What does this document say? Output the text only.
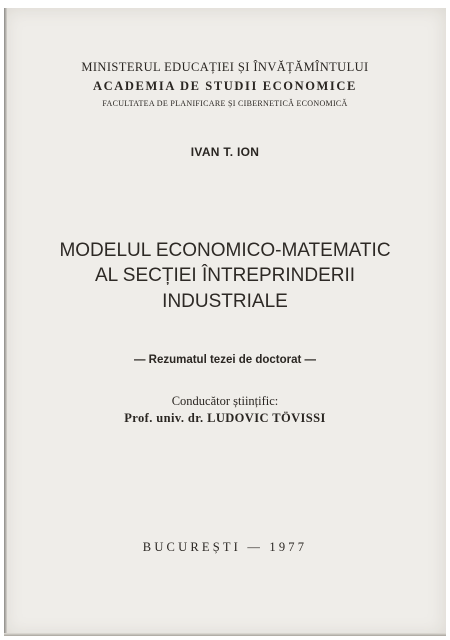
MINISTERUL EDUCAȚIEI ȘI ÎNVĂȚĂMÎNTULUI

ACADEMIA DE STUDII ECONOMICE

FACULTATEA DE PLANIFICARE ȘI CIBERNETICĂ ECONOMICĂ

IVAN T. ION

MODELUL ECONOMICO-MATEMATIC

AL SECȚIEI ÎNTREPRINDERII

INDUSTRIALE

— Rezumatul tezei de doctorat —

Conducător științific:

Prof. univ. dr. LUDOVIC TÖVISSI

BUCUREȘTI — 1977
